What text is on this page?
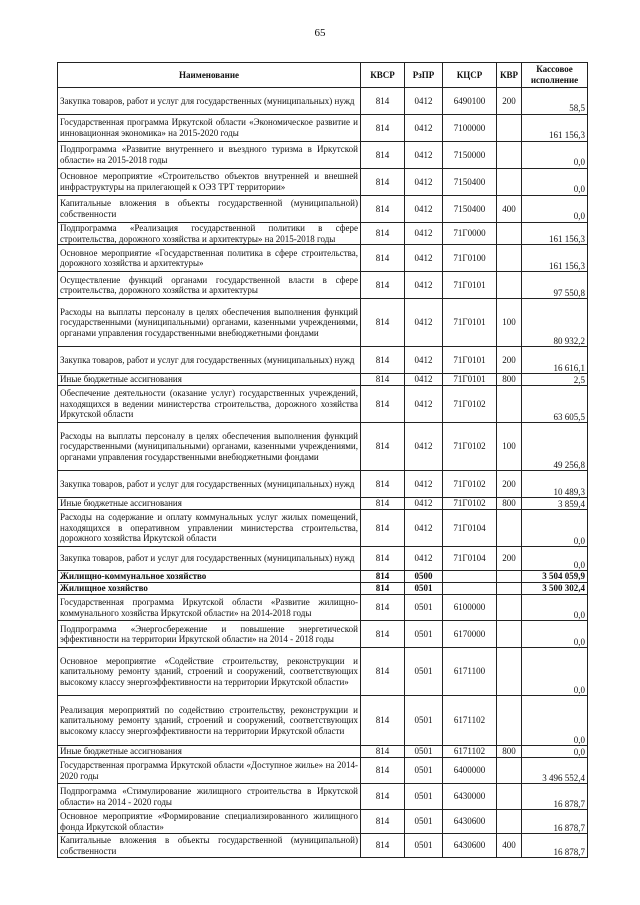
65
Наименование	КВСР	РзПР	КЦСР	КВР	Кассовое исполнение
Закупка товаров, работ и услуг для государственных (муниципальных) нужд	814	0412	6490100	200	58,5
Государственная программа Иркутской области «Экономическое развитие и инновационная экономика» на 2015-2020 годы	814	0412	7100000		161 156,3
Подпрограмма «Развитие внутреннего и въездного туризма в Иркутской области» на 2015-2018 годы	814	0412	7150000		0,0
Основное мероприятие «Строительство объектов внутренней и внешней инфраструктуры на прилегающей к ОЭЗ ТРТ территории»	814	0412	7150400		0,0
Капитальные вложения в объекты государственной (муниципальной) собственности	814	0412	7150400	400	0,0
Подпрограмма «Реализация государственной политики в сфере строительства, дорожного хозяйства и архитектуры» на 2015-2018 годы	814	0412	71Г0000		161 156,3
Основное мероприятие «Государственная политика в сфере строительства, дорожного хозяйства и архитектуры»	814	0412	71Г0100		161 156,3
Осуществление функций органами государственной власти в сфере строительства, дорожного хозяйства и архитектуры	814	0412	71Г0101		97 550,8
Расходы на выплаты персоналу в целях обеспечения выполнения функций государственными (муниципальными) органами, казенными учреждениями, органами управления государственными внебюджетными фондами	814	0412	71Г0101	100	80 932,2
Закупка товаров, работ и услуг для государственных (муниципальных) нужд	814	0412	71Г0101	200	16 616,1
Иные бюджетные ассигнования	814	0412	71Г0101	800	2,5
Обеспечение деятельности (оказание услуг) государственных учреждений, находящихся в ведении министерства строительства, дорожного хозяйства Иркутской области	814	0412	71Г0102		63 605,5
Расходы на выплаты персоналу в целях обеспечения выполнения функций государственными (муниципальными) органами, казенными учреждениями, органами управления государственными внебюджетными фондами	814	0412	71Г0102	100	49 256,8
Закупка товаров, работ и услуг для государственных (муниципальных) нужд	814	0412	71Г0102	200	10 489,3
Иные бюджетные ассигнования	814	0412	71Г0102	800	3 859,4
Расходы на содержание и оплату коммунальных услуг жилых помещений, находящихся в оперативном управлении министерства строительства, дорожного хозяйства Иркутской области	814	0412	71Г0104		0,0
Закупка товаров, работ и услуг для государственных (муниципальных) нужд	814	0412	71Г0104	200	0,0
Жилищно-коммунальное хозяйство	814	0500			3 504 059,9
Жилищное хозяйство	814	0501			3 500 302,4
Государственная программа Иркутской области «Развитие жилищно-коммунального хозяйства Иркутской области» на 2014-2018 годы	814	0501	6100000		0,0
Подпрограмма «Энергосбережение и повышение энергетической эффективности на территории Иркутской области» на 2014 - 2018 годы	814	0501	6170000		0,0
Основное мероприятие «Содействие строительству, реконструкции и капитальному ремонту зданий, строений и сооружений, соответствующих высокому классу энергоэффективности на территории Иркутской области»	814	0501	6171100		0,0
Реализация мероприятий по содействию строительству, реконструкции и капитальному ремонту зданий, строений и сооружений, соответствующих высокому классу энергоэффективности на территории Иркутской области	814	0501	6171102		0,0
Иные бюджетные ассигнования	814	0501	6171102	800	0,0
Государственная программа Иркутской области «Доступное жилье» на 2014-2020 годы	814	0501	6400000		3 496 552,4
Подпрограмма «Стимулирование жилищного строительства в Иркутской области» на 2014 - 2020 годы	814	0501	6430000		16 878,7
Основное мероприятие «Формирование специализированного жилищного фонда Иркутской области»	814	0501	6430600		16 878,7
Капитальные вложения в объекты государственной (муниципальной) собственности	814	0501	6430600	400	16 878,7
